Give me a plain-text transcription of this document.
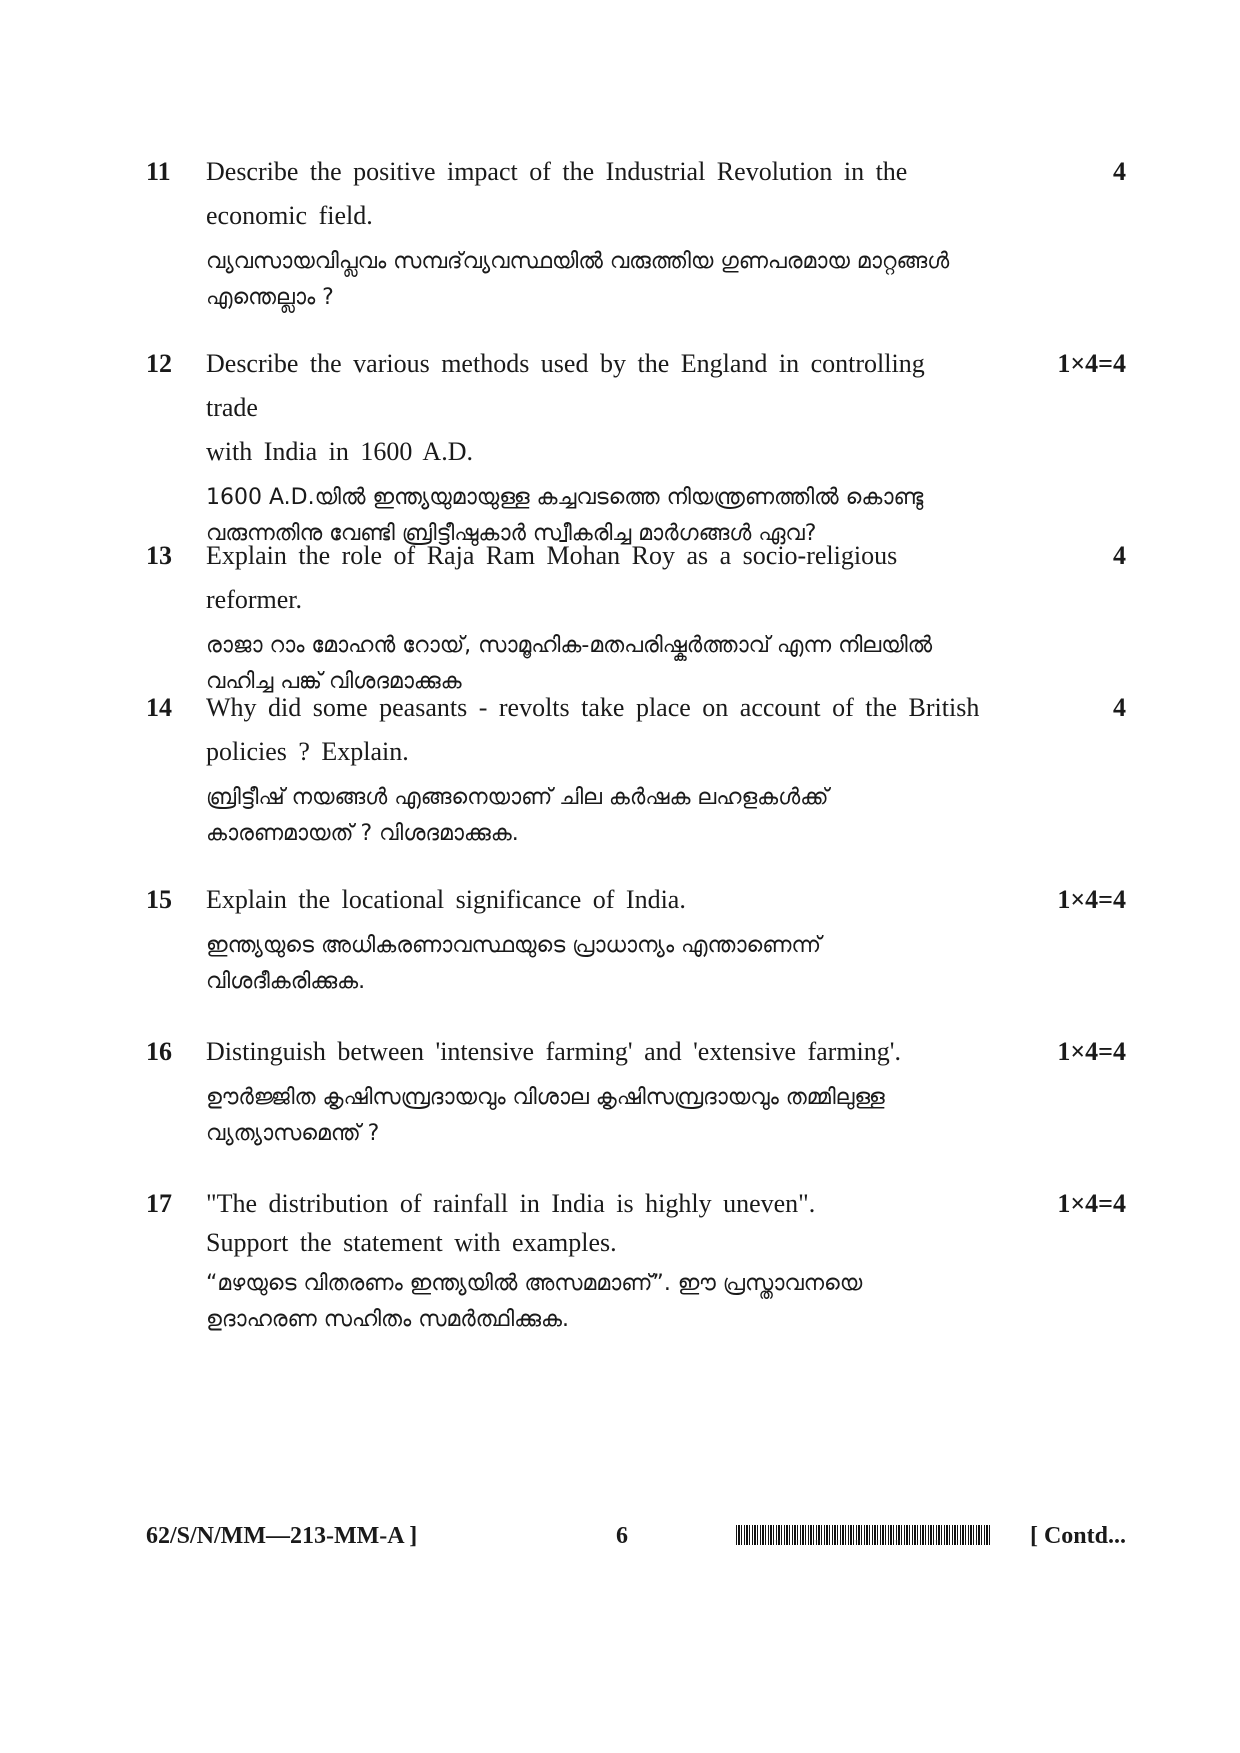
11	Describe the positive impact of the Industrial Revolution in the
economic field.
വ്യവസായവിപ്ലവം സമ്പദ്‌വ്യവസ്ഥയിൽ വരുത്തിയ ഗുണപരമായ മാറ്റങ്ങൾ
എന്തെല്ലാം ?
4
12	Describe the various methods used by the England in controlling trade
with India in 1600 A.D.
1600 A.D.യിൽ ഇന്ത്യയുമായുള്ള കച്ചവടത്തെ നിയന്ത്രണത്തിൽ കൊണ്ടു
വരുന്നതിനു വേണ്ടി ബ്രിട്ടീഷുകാർ സ്വീകരിച്ച മാർഗങ്ങൾ ഏവ?
1×4=4
13	Explain the role of Raja Ram Mohan Roy as a socio-religious reformer.
രാജാ റാം മോഹൻ റോയ്, സാമൂഹിക-മതപരിഷ്കർത്താവ് എന്ന നിലയിൽ
വഹിച്ച പങ്ക് വിശദമാക്കുക
4
14	Why did some peasants - revolts take place on account of the British
policies ? Explain.
ബ്രിട്ടീഷ് നയങ്ങൾ എങ്ങനെയാണ് ചില കർഷക ലഹളകൾക്ക്
കാരണമായത് ? വിശദമാക്കുക.
4
15	Explain the locational significance of India.
ഇന്ത്യയുടെ അധികരണാവസ്ഥയുടെ പ്രാധാന്യം എന്താണെന്ന്
വിശദീകരിക്കുക.
1×4=4
16	Distinguish between 'intensive farming' and 'extensive farming'.
ഊർജ്ജിത കൃഷിസമ്പ്രദായവും വിശാല കൃഷിസമ്പ്രദായവും തമ്മിലുള്ള
വ്യത്യാസമെന്ത് ?
1×4=4
17	"The distribution of rainfall in India is highly uneven".
Support the statement with examples.
“മഴയുടെ വിതരണം ഇന്ത്യയിൽ അസമമാണ്”. ഈ പ്രസ്താവനയെ
ഉദാഹരണ സഹിതം സമർത്ഥിക്കുക.
1×4=4
62/S/N/MM—213-MM-A ]	6	[ Contd...
